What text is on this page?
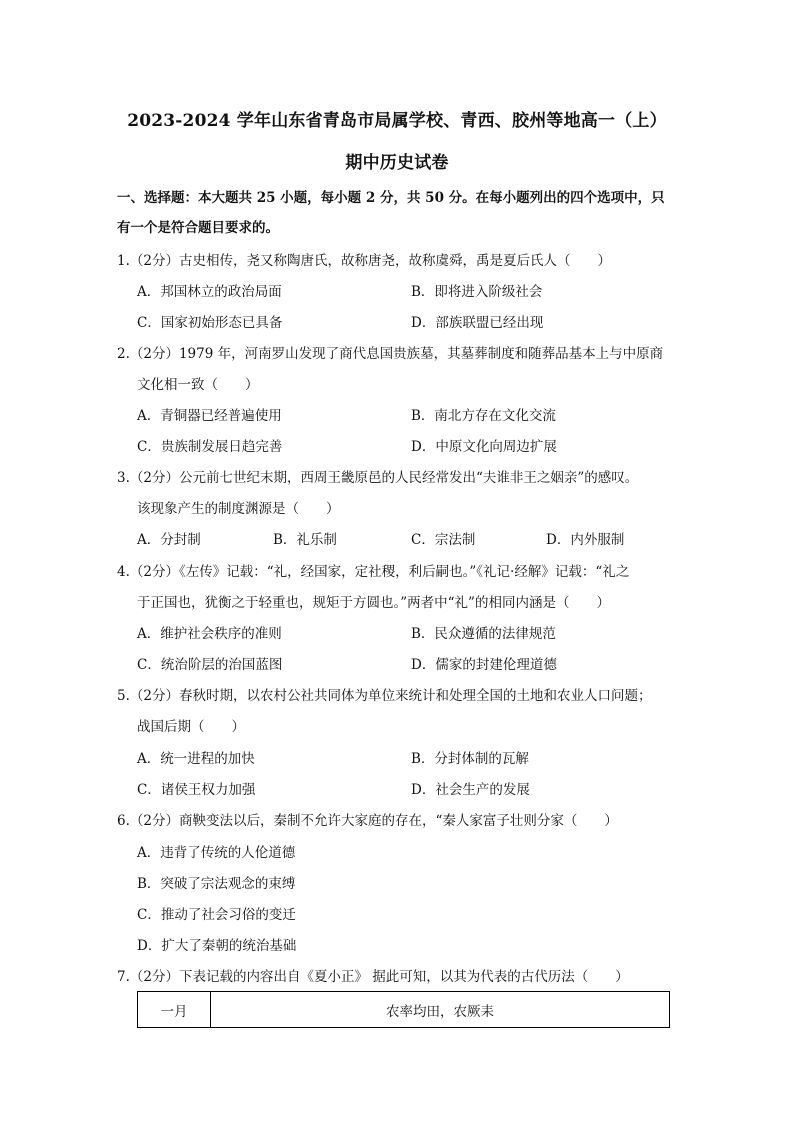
2023-2024 学年山东省青岛市局属学校、青西、胶州等地高一（上）
期中历史试卷
一、选择题：本大题共 25 小题，每小题 2 分，共 50 分。在每小题列出的四个选项中，只
有一个是符合题目要求的。
1.（2分）古史相传，尧又称陶唐氏，故称唐尧，故称虞舜，禹是夏后氏人（　　）
A．邦国林立的政治局面	B．即将进入阶级社会
C．国家初始形态已具备	D．部族联盟已经出现
2.（2分）1979 年，河南罗山发现了商代息国贵族墓，其墓葬制度和随葬品基本上与中原商
文化相一致（　　）
A．青铜器已经普遍使用	B．南北方存在文化交流
C．贵族制发展日趋完善	D．中原文化向周边扩展
3.（2分）公元前七世纪末期，西周王畿原邑的人民经常发出“夫谁非王之姻亲”的感叹。
该现象产生的制度渊源是（　　）
A．分封制	B．礼乐制	C．宗法制	D．内外服制
4.（2分）《左传》记载：“礼，经国家，定社稷，利后嗣也。”《礼记·经解》记载：“礼之
于正国也，犹衡之于轻重也，规矩于方圆也。”两者中“礼”的相同内涵是（　　）
A．维护社会秩序的准则	B．民众遵循的法律规范
C．统治阶层的治国蓝图	D．儒家的封建伦理道德
5.（2分）春秋时期，以农村公社共同体为单位来统计和处理全国的土地和农业人口问题；
战国后期（　　）
A．统一进程的加快	B．分封体制的瓦解
C．诸侯王权力加强	D．社会生产的发展
6.（2分）商鞅变法以后，秦制不允许大家庭的存在，“秦人家富子壮则分家（　　）
A．违背了传统的人伦道德
B．突破了宗法观念的束缚
C．推动了社会习俗的变迁
D．扩大了秦朝的统治基础
7.（2分）下表记载的内容出自《夏小正》 据此可知，以其为代表的古代历法（　　）
一月	农率均田，农厥耒
